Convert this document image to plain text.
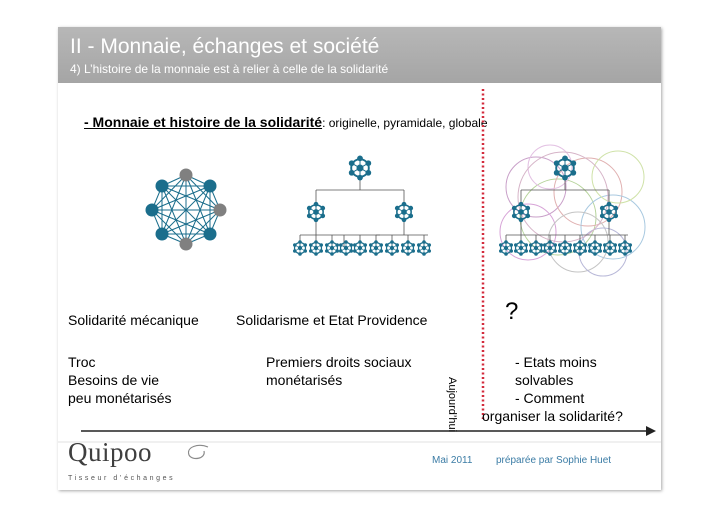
II - Monnaie, échanges et société
4) L’histoire de la monnaie est à relier à celle de la solidarité
- Monnaie et histoire de la solidarité: originelle, pyramidale, globale
Solidarité mécanique	Solidarisme et Etat Providence	?
Troc
Besoins de vie
peu monétarisés
Premiers droits sociaux
monétarisés
- Etats moins
solvables
- Comment
organiser la solidarité?
Aujourd’hui
Quipoo
Tisseur d’échanges
Mai 2011 préparée par Sophie Huet
